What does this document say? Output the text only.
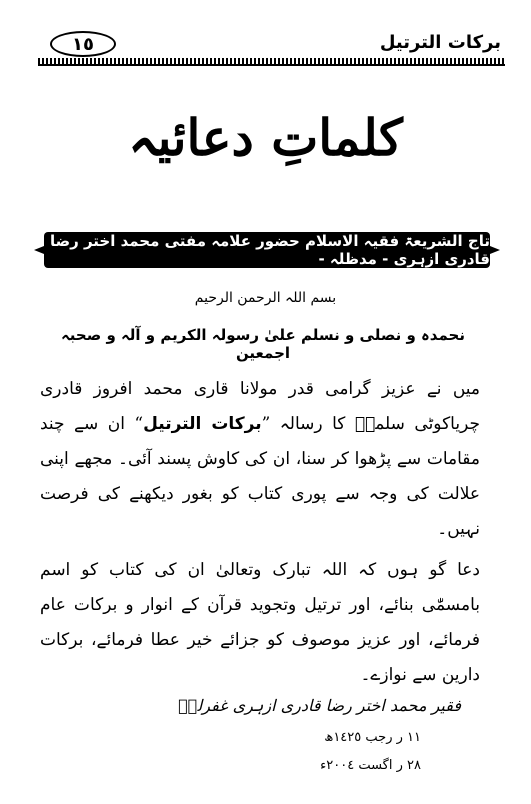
برکات الترتیل
١٥
کلماتِ دعائیہ
تاج الشریعۃ فقیہ الاسلام حضور علامہ مفتی محمد اختر رضا قادری ازہری - مدظلہ -
بسم اللہ الرحمن الرحیم
نحمدہ و نصلی و نسلم علیٰ رسولہ الکریم و آلہ و صحبہ اجمعین
میں نے عزیز گرامی قدر مولانا قاری محمد افروز قادری چریاکوٹی سلمہٗ کا رسالہ ”برکات الترتیل“ ان سے چند مقامات سے پڑھوا کر سنا، ان کی کاوش پسند آئی۔ مجھے اپنی علالت کی وجہ سے پوری کتاب کو بغور دیکھنے کی فرصت نہیں۔
دعا گو ہوں کہ اللہ تبارک وتعالیٰ ان کی کتاب کو اسم بامسمّٰی بنائے، اور ترتیل وتجوید قرآن کے انوار و برکات عام فرمائے، اور عزیز موصوف کو جزائے خیر عطا فرمائے، برکات دارین سے نوازے۔
فقیر محمد اختر رضا قادری ازہری غفرلہٗ
١١ ر رجب ١٤٢٥ھ
٢٨ ر اگست ٢٠٠٤ء
